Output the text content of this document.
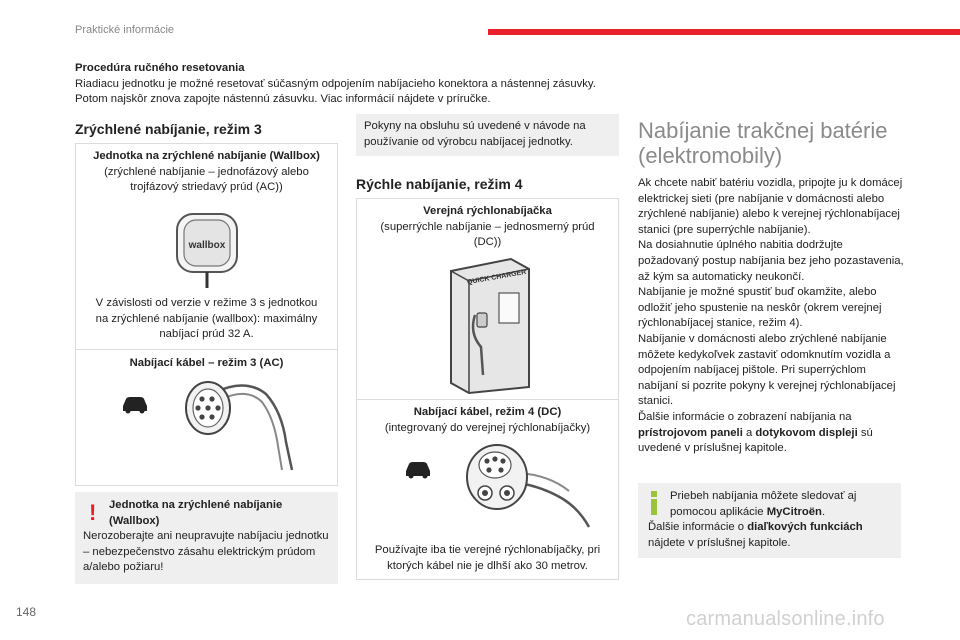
Praktické informácie
Procedúra ručného resetovania
Riadiacu jednotku je možné resetovať súčasným odpojením nabíjacieho konektora a nástennej zásuvky.
Potom najskôr znova zapojte nástennú zásuvku. Viac informácií nájdete v príručke.
Zrýchlené nabíjanie, režim 3
Jednotka na zrýchlené nabíjanie (Wallbox)
(zrýchlené nabíjanie – jednofázový alebo trojfázový striedavý prúd (AC))
wallbox
V závislosti od verzie v režime 3 s jednotkou na zrýchlené nabíjanie (wallbox): maximálny nabíjací prúd 32 A.
Nabíjací kábel – režim 3 (AC)
! Jednotka na zrýchlené nabíjanie (Wallbox)
Nerozoberajte ani neupravujte nabíjaciu jednotku – nebezpečenstvo zásahu elektrickým prúdom a/alebo požiaru!
Pokyny na obsluhu sú uvedené v návode na používanie od výrobcu nabíjacej jednotky.
Rýchle nabíjanie, režim 4
Verejná rýchlonabíjačka
(superrýchle nabíjanie – jednosmerný prúd (DC))
QUICK CHARGER
Nabíjací kábel, režim 4 (DC)
(integrovaný do verejnej rýchlonabíjačky)
Používajte iba tie verejné rýchlonabíjačky, pri ktorých kábel nie je dlhší ako 30 metrov.
Nabíjanie trakčnej batérie (elektromobily)
Ak chcete nabiť batériu vozidla, pripojte ju k domácej elektrickej sieti (pre nabíjanie v domácnosti alebo zrýchlené nabíjanie) alebo k verejnej rýchlonabíjacej stanici (pre superrýchle nabíjanie).
Na dosiahnutie úplného nabitia dodržujte požadovaný postup nabíjania bez jeho pozastavenia, až kým sa automaticky neukončí.
Nabíjanie je možné spustiť buď okamžite, alebo odložiť jeho spustenie na neskôr (okrem verejnej rýchlonabíjacej stanice, režim 4).
Nabíjanie v domácnosti alebo zrýchlené nabíjanie môžete kedykoľvek zastaviť odomknutím vozidla a odpojením nabíjacej pištole. Pri superrýchlom nabíjaní si pozrite pokyny k verejnej rýchlonabíjacej stanici.
Ďalšie informácie o zobrazení nabíjania na prístrojovom paneli a dotykovom displeji sú uvedené v príslušnej kapitole.
Priebeh nabíjania môžete sledovať aj pomocou aplikácie MyCitroën.
Ďalšie informácie o diaľkových funkciách nájdete v príslušnej kapitole.
148	carmanualsonline.info
